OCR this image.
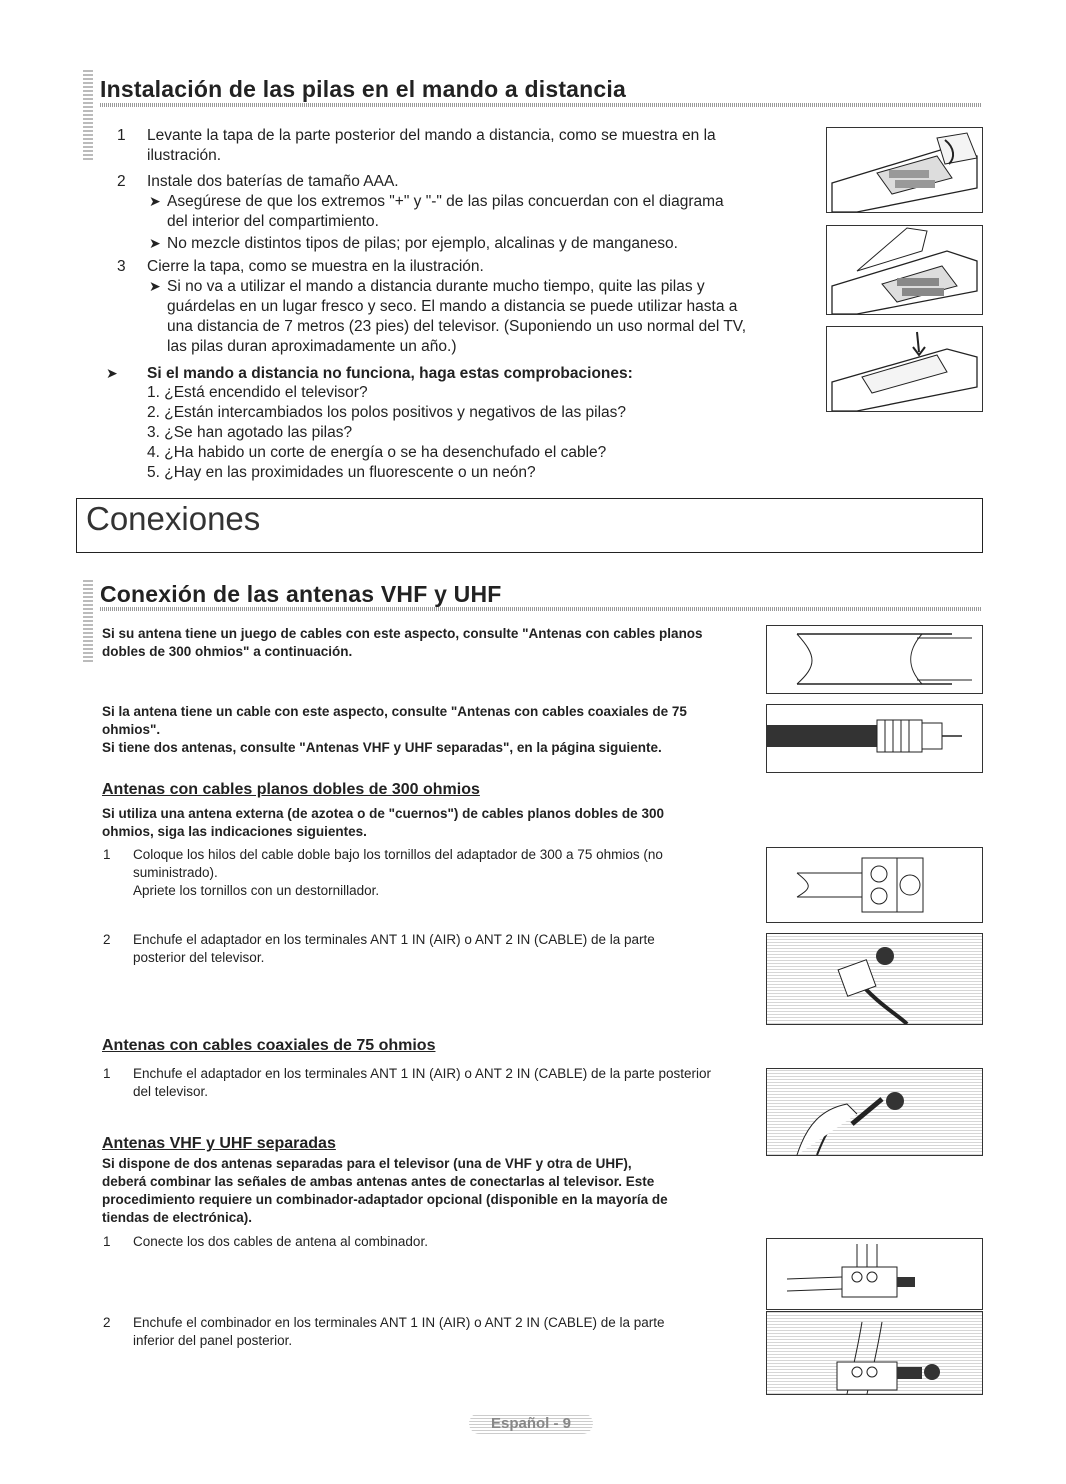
Instalación de las pilas en el mando a distancia
1 Levante la tapa de la parte posterior del mando a distancia, como se muestra en la

ilustración.

2 Instale dos baterías de tamaño AAA.

➤ Asegúrese de que los extremos "+" y "-" de las pilas concuerdan con el diagrama

del interior del compartimiento.

➤ No mezcle distintos tipos de pilas; por ejemplo, alcalinas y de manganeso.

3 Cierre la tapa, como se muestra en la ilustración.

➤ Si no va a utilizar el mando a distancia durante mucho tiempo, quite las pilas y

guárdelas en un lugar fresco y seco. El mando a distancia se puede utilizar hasta a

una distancia de 7 metros (23 pies) del televisor. (Suponiendo un uso normal del TV,

las pilas duran aproximadamente un año.)

➤ Si el mando a distancia no funciona, haga estas comprobaciones:

1. ¿Está encendido el televisor?

2. ¿Están intercambiados los polos positivos y negativos de las pilas?

3. ¿Se han agotado las pilas?

4. ¿Ha habido un corte de energía o se ha desenchufado el cable?

5. ¿Hay en las proximidades un fluorescente o un neón?

Conexiones
Conexión de las antenas VHF y UHF

Si su antena tiene un juego de cables con este aspecto, consulte "Antenas con cables planos

dobles de 300 ohmios" a continuación.

Si la antena tiene un cable con este aspecto, consulte "Antenas con cables coaxiales de 75

ohmios".

Si tiene dos antenas, consulte "Antenas VHF y UHF separadas", en la página siguiente.

Antenas con cables planos dobles de 300 ohmios

Si utiliza una antena externa (de azotea o de "cuernos") de cables planos dobles de 300

ohmios, siga las indicaciones siguientes.

1 Coloque los hilos del cable doble bajo los tornillos del adaptador de 300 a 75 ohmios (no

suministrado).

Apriete los tornillos con un destornillador.

2 Enchufe el adaptador en los terminales ANT 1 IN (AIR) o ANT 2 IN (CABLE) de la parte

posterior del televisor.

Antenas con cables coaxiales de 75 ohmios

1 Enchufe el adaptador en los terminales ANT 1 IN (AIR) o ANT 2 IN (CABLE) de la parte posterior

del televisor.

Antenas VHF y UHF separadas

Si dispone de dos antenas separadas para el televisor (una de VHF y otra de UHF),

deberá combinar las señales de ambas antenas antes de conectarlas al televisor. Este

procedimiento requiere un combinador-adaptador opcional (disponible en la mayoría de

tiendas de electrónica).

1 Conecte los dos cables de antena al combinador.

2 Enchufe el combinador en los terminales ANT 1 IN (AIR) o ANT 2 IN (CABLE) de la parte

inferior del panel posterior.

Español - 9
